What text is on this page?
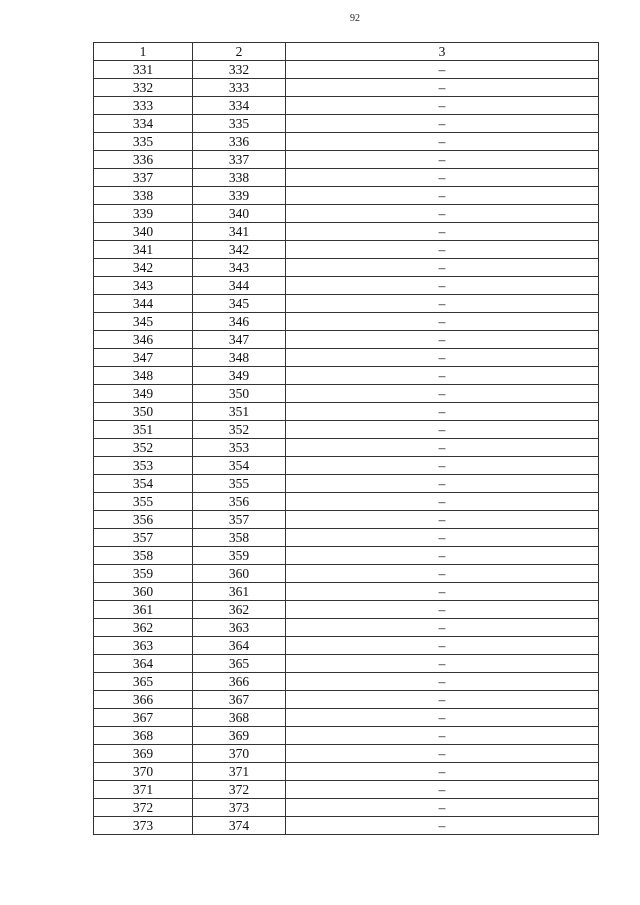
92
1	2	3
331	332	–
332	333	–
333	334	–
334	335	–
335	336	–
336	337	–
337	338	–
338	339	–
339	340	–
340	341	–
341	342	–
342	343	–
343	344	–
344	345	–
345	346	–
346	347	–
347	348	–
348	349	–
349	350	–
350	351	–
351	352	–
352	353	–
353	354	–
354	355	–
355	356	–
356	357	–
357	358	–
358	359	–
359	360	–
360	361	–
361	362	–
362	363	–
363	364	–
364	365	–
365	366	–
366	367	–
367	368	–
368	369	–
369	370	–
370	371	–
371	372	–
372	373	–
373	374	–
